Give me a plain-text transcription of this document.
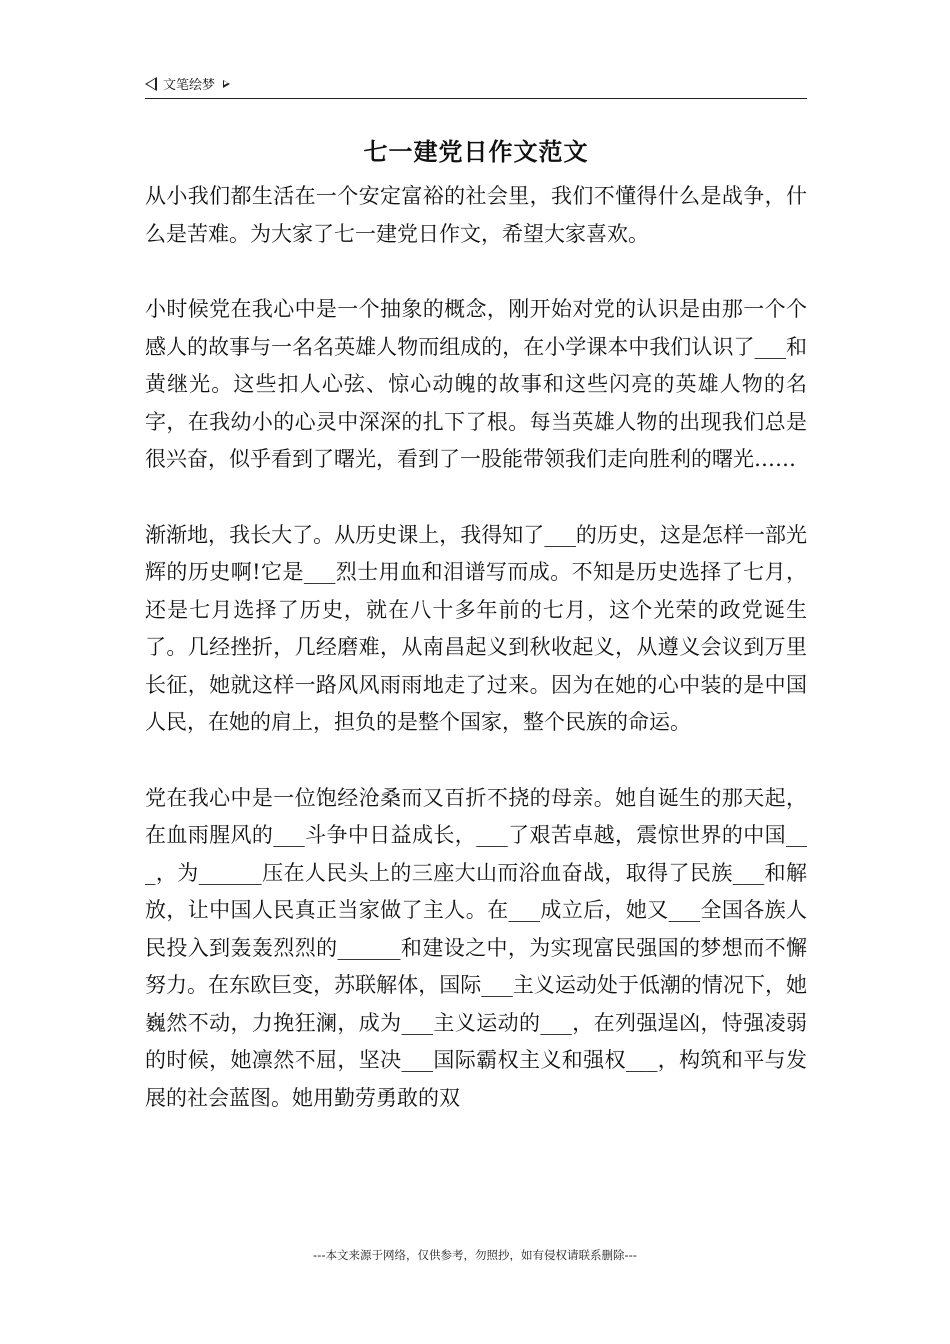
文笔绘梦
七一建党日作文范文

从小我们都生活在一个安定富裕的社会里，我们不懂得什么是战争，什么是苦难。为大家了七一建党日作文，希望大家喜欢。

小时候党在我心中是一个抽象的概念，刚开始对党的认识是由那一个个感人的故事与一名名英雄人物而组成的，在小学课本中我们认识了___和黄继光。这些扣人心弦、惊心动魄的故事和这些闪亮的英雄人物的名字，在我幼小的心灵中深深的扎下了根。每当英雄人物的出现我们总是很兴奋，似乎看到了曙光，看到了一股能带领我们走向胜利的曙光……

渐渐地，我长大了。从历史课上，我得知了___的历史，这是怎样一部光辉的历史啊!它是___烈士用血和泪谱写而成。不知是历史选择了七月，还是七月选择了历史，就在八十多年前的七月，这个光荣的政党诞生了。几经挫折，几经磨难，从南昌起义到秋收起义，从遵义会议到万里长征，她就这样一路风风雨雨地走了过来。因为在她的心中装的是中国人民，在她的肩上，担负的是整个国家，整个民族的命运。

党在我心中是一位饱经沧桑而又百折不挠的母亲。她自诞生的那天起，在血雨腥风的___斗争中日益成长，___了艰苦卓越，震惊世界的中国___，为______压在人民头上的三座大山而浴血奋战，取得了民族___和解放，让中国人民真正当家做了主人。在___成立后，她又___全国各族人民投入到轰轰烈烈的______和建设之中，为实现富民强国的梦想而不懈努力。在东欧巨变，苏联解体，国际___主义运动处于低潮的情况下，她巍然不动，力挽狂澜，成为___主义运动的___，在列强逞凶，恃强凌弱的时候，她凛然不屈，坚决___国际霸权主义和强权___，构筑和平与发展的社会蓝图。她用勤劳勇敢的双

---本文来源于网络，仅供参考，勿照抄，如有侵权请联系删除---
